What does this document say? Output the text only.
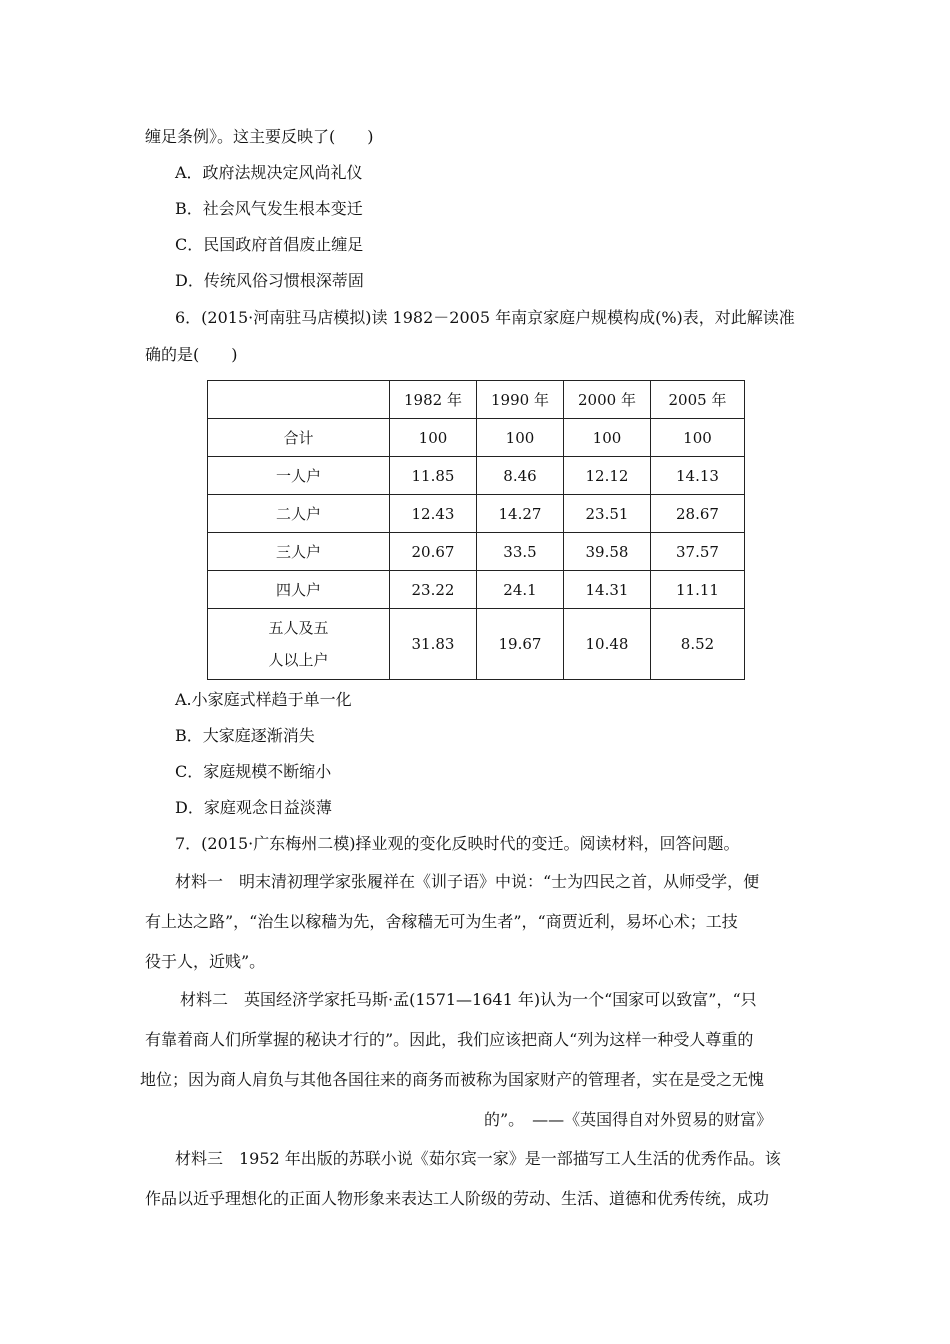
缠足条例》。这主要反映了(　　)
A．政府法规决定风尚礼仪
B．社会风气发生根本变迁
C．民国政府首倡废止缠足
D．传统风俗习惯根深蒂固
6．(2015·河南驻马店模拟)读 1982－2005 年南京家庭户规模构成(%)表，对此解读准
确的是(　　)
	1982 年	1990 年	2000 年	2005 年
合计	100	100	100	100
一人户	11.85	8.46	12.12	14.13
二人户	12.43	14.27	23.51	28.67
三人户	20.67	33.5	39.58	37.57
四人户	23.22	24.1	14.31	11.11

五人及五
人以上户	31.83	19.67	10.48	8.52
A.小家庭式样趋于单一化
B．大家庭逐渐消失
C．家庭规模不断缩小
D．家庭观念日益淡薄
7．(2015·广东梅州二模)择业观的变化反映时代的变迁。阅读材料，回答问题。
材料一　明末清初理学家张履祥在《训子语》中说：“士为四民之首，从师受学，便
有上达之路”，“治生以稼穑为先，舍稼穑无可为生者”，“商贾近利，易坏心术；工技
役于人，近贱”。
材料二　英国经济学家托马斯·孟(1571—1641 年)认为一个“国家可以致富”，“只
有靠着商人们所掌握的秘诀才行的”。因此，我们应该把商人“列为这样一种受人尊重的
地位；因为商人肩负与其他各国往来的商务而被称为国家财产的管理者，实在是受之无愧
的”。　——《英国得自对外贸易的财富》
材料三　1952 年出版的苏联小说《茹尔宾一家》是一部描写工人生活的优秀作品。该
作品以近乎理想化的正面人物形象来表达工人阶级的劳动、生活、道德和优秀传统，成功
